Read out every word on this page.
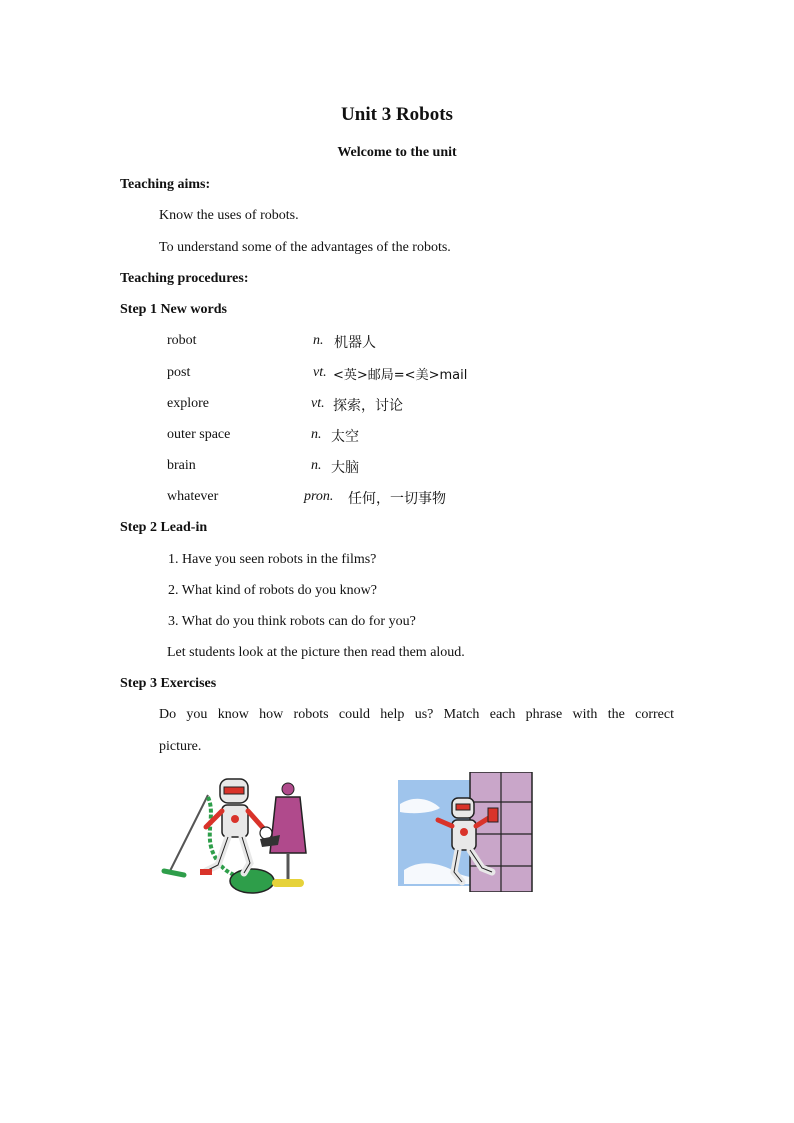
Unit 3 Robots
Welcome to the unit
Teaching aims:
Know the uses of robots.
To understand some of the advantages of the robots.
Teaching procedures:
Step 1 New words
robot	n. 机器人
post	vt. <英>邮局=<美>mail
explore	vt. 探索，讨论
outer space	n. 太空
brain	n. 大脑
whatever	pron. 任何，一切事物
Step 2 Lead-in
1. Have you seen robots in the films?
2. What kind of robots do you know?
3. What do you think robots can do for you?
Let students look at the picture then read them aloud.
Step 3 Exercises
Do you know how robots could help us? Match each phrase with the correct
picture.
